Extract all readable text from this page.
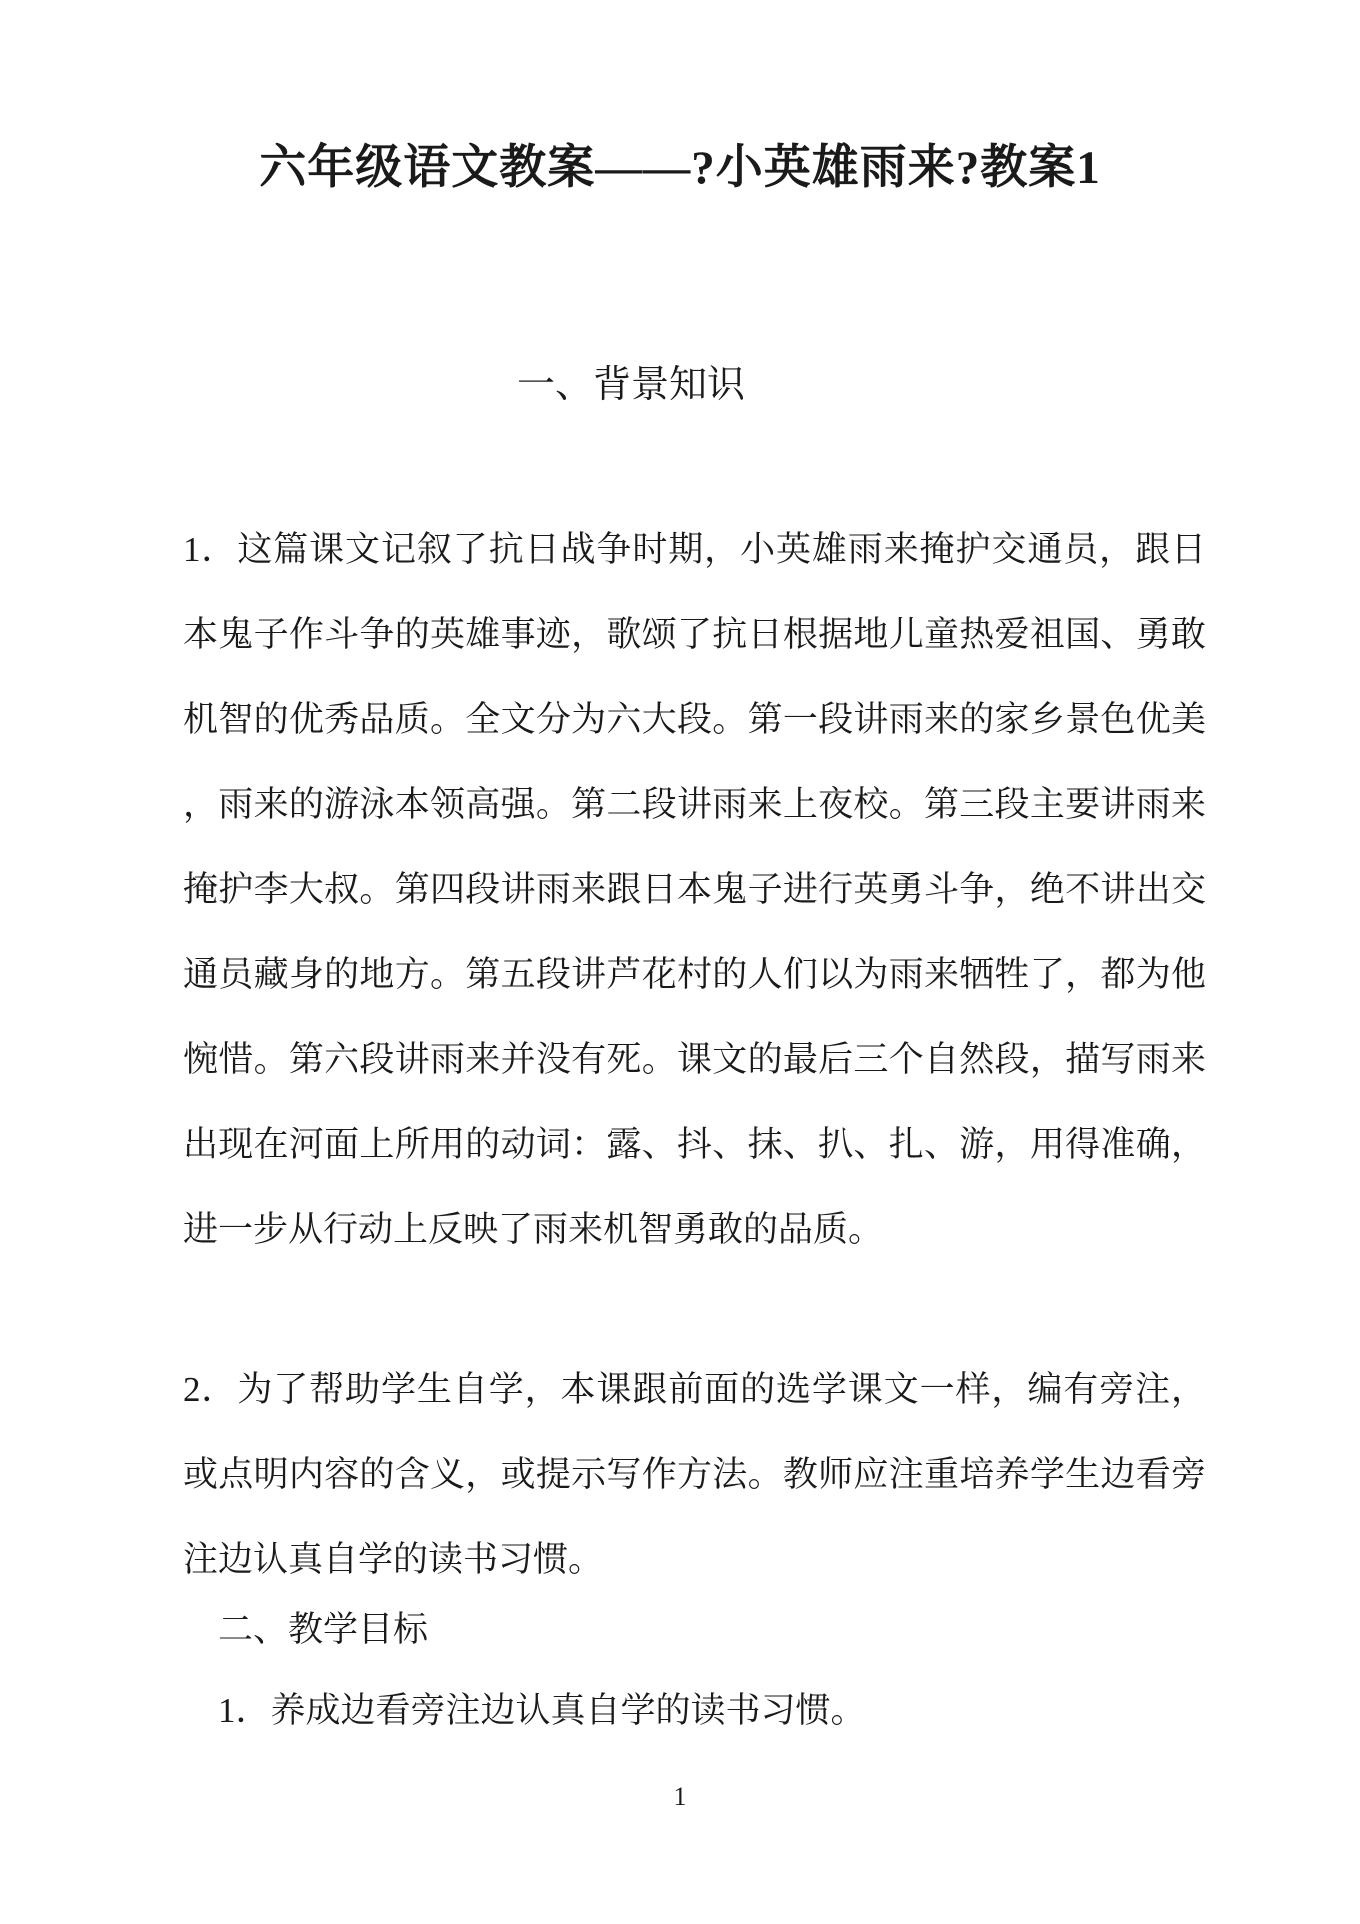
六年级语文教案——?小英雄雨来?教案1
一、背景知识
1．这篇课文记叙了抗日战争时期，小英雄雨来掩护交通员，跟日
本鬼子作斗争的英雄事迹，歌颂了抗日根据地儿童热爱祖国、勇敢
机智的优秀品质。全文分为六大段。第一段讲雨来的家乡景色优美
，雨来的游泳本领高强。第二段讲雨来上夜校。第三段主要讲雨来
掩护李大叔。第四段讲雨来跟日本鬼子进行英勇斗争，绝不讲出交
通员藏身的地方。第五段讲芦花村的人们以为雨来牺牲了，都为他
惋惜。第六段讲雨来并没有死。课文的最后三个自然段，描写雨来
出现在河面上所用的动词：露、抖、抹、扒、扎、游，用得准确，
进一步从行动上反映了雨来机智勇敢的品质。
2．为了帮助学生自学，本课跟前面的选学课文一样，编有旁注，
或点明内容的含义，或提示写作方法。教师应注重培养学生边看旁
注边认真自学的读书习惯。
二、教学目标
1．养成边看旁注边认真自学的读书习惯。
1
